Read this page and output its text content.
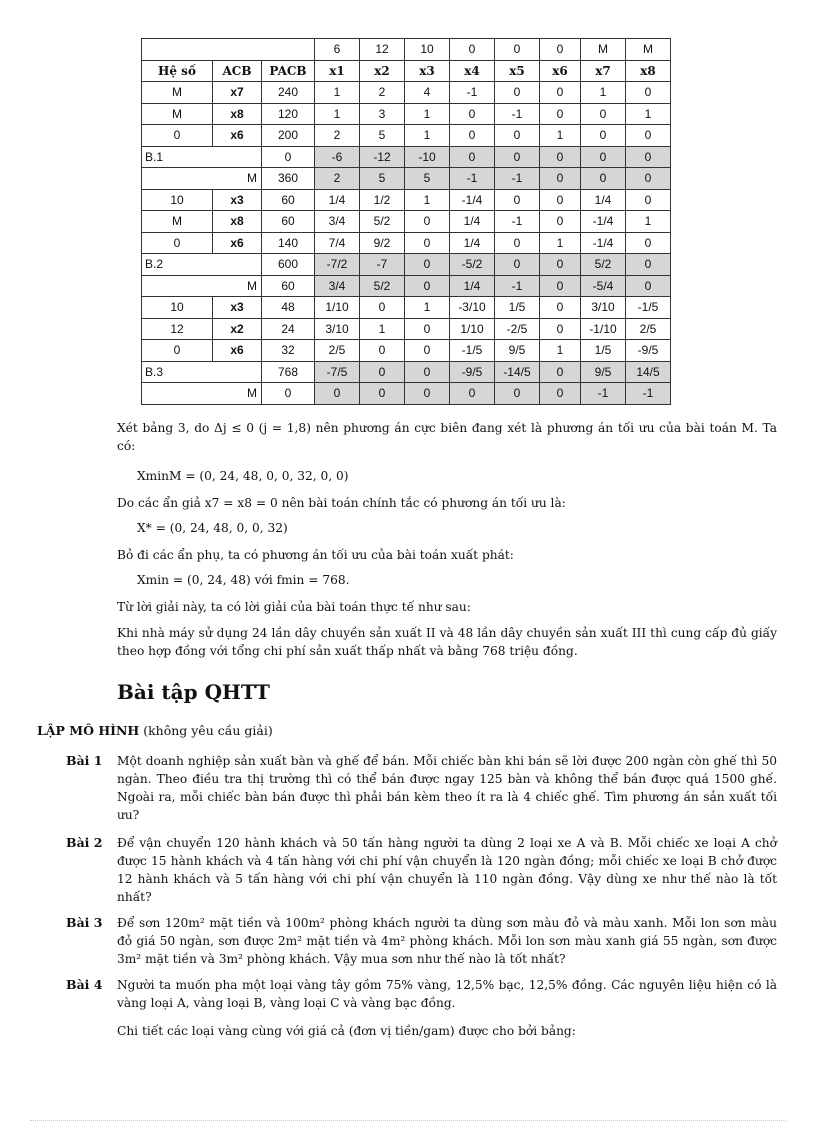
			6	12	10	0	0	0	M	M
Hệ số	ACB	PACB	x1	x2	x3	x4	x5	x6	x7	x8
M	x7	240	1	2	4	-1	0	0	1	0
M	x8	120	1	3	1	0	-1	0	0	1
0	x6	200	2	5	1	0	0	1	0	0
B.1		0	-6	-12	-10	0	0	0	0	0
M		360	2	5	5	-1	-1	0	0	0
10	x3	60	1/4	1/2	1	-1/4	0	0	1/4	0
M	x8	60	3/4	5/2	0	1/4	-1	0	-1/4	1
0	x6	140	7/4	9/2	0	1/4	0	1	-1/4	0
B.2		600	-7/2	-7	0	-5/2	0	0	5/2	0
M		60	3/4	5/2	0	1/4	-1	0	-5/4	0
10	x3	48	1/10	0	1	-3/10	1/5	0	3/10	-1/5
12	x2	24	3/10	1	0	1/10	-2/5	0	-1/10	2/5
0	x6	32	2/5	0	0	-1/5	9/5	1	1/5	-9/5
B.3		768	-7/5	0	0	-9/5	-14/5	0	9/5	14/5
M		0	0	0	0	0	0	0	-1	-1
Xét bảng 3, do Δj ≤ 0 (j = 1,8) nên phương án cực biên đang xét là phương án tối ưu của bài toán M. Ta có:
XminM = (0, 24, 48, 0, 0, 32, 0, 0)
Do các ẩn giả x7 = x8 = 0 nên bài toán chính tắc có phương án tối ưu là:
X* = (0, 24, 48, 0, 0, 32)
Bỏ đi các ẩn phụ, ta có phương án tối ưu của bài toán xuất phát:
Xmin = (0, 24, 48) với fmin = 768.
Từ lời giải này, ta có lời giải của bài toán thực tế như sau:
Khi nhà máy sử dụng 24 lần dây chuyền sản xuất II và 48 lần dây chuyền sản xuất III thì cung cấp đủ giấy theo hợp đồng với tổng chi phí sản xuất thấp nhất và bằng 768 triệu đồng.
Bài tập QHTT
LẬP MÔ HÌNH (không yêu cầu giải)
Bài 1 Một doanh nghiệp sản xuất bàn và ghế để bán. Mỗi chiếc bàn khi bán sẽ lời được 200 ngàn còn ghế thì 50 ngàn. Theo điều tra thị trường thì có thể bán được ngay 125 bàn và không thể bán được quá 1500 ghế. Ngoài ra, mỗi chiếc bàn bán được thì phải bán kèm theo ít ra là 4 chiếc ghế. Tìm phương án sản xuất tối ưu?
Bài 2 Để vận chuyển 120 hành khách và 50 tấn hàng người ta dùng 2 loại xe A và B. Mỗi chiếc xe loại A chở được 15 hành khách và 4 tấn hàng với chi phí vận chuyển là 120 ngàn đồng; mỗi chiếc xe loại B chở được 12 hành khách và 5 tấn hàng với chi phí vận chuyển là 110 ngàn đồng. Vậy dùng xe như thế nào là tốt nhất?
Bài 3 Để sơn 120m² mặt tiền và 100m² phòng khách người ta dùng sơn màu đỏ và màu xanh. Mỗi lon sơn màu đỏ giá 50 ngàn, sơn được 2m² mặt tiền và 4m² phòng khách. Mỗi lon sơn màu xanh giá 55 ngàn, sơn được 3m² mặt tiền và 3m² phòng khách. Vậy mua sơn như thế nào là tốt nhất?
Bài 4 Người ta muốn pha một loại vàng tây gồm 75% vàng, 12,5% bạc, 12,5% đồng. Các nguyên liệu hiện có là vàng loại A, vàng loại B, vàng loại C và vàng bạc đồng.
Chi tiết các loại vàng cùng với giá cả (đơn vị tiền/gam) được cho bởi bảng:
